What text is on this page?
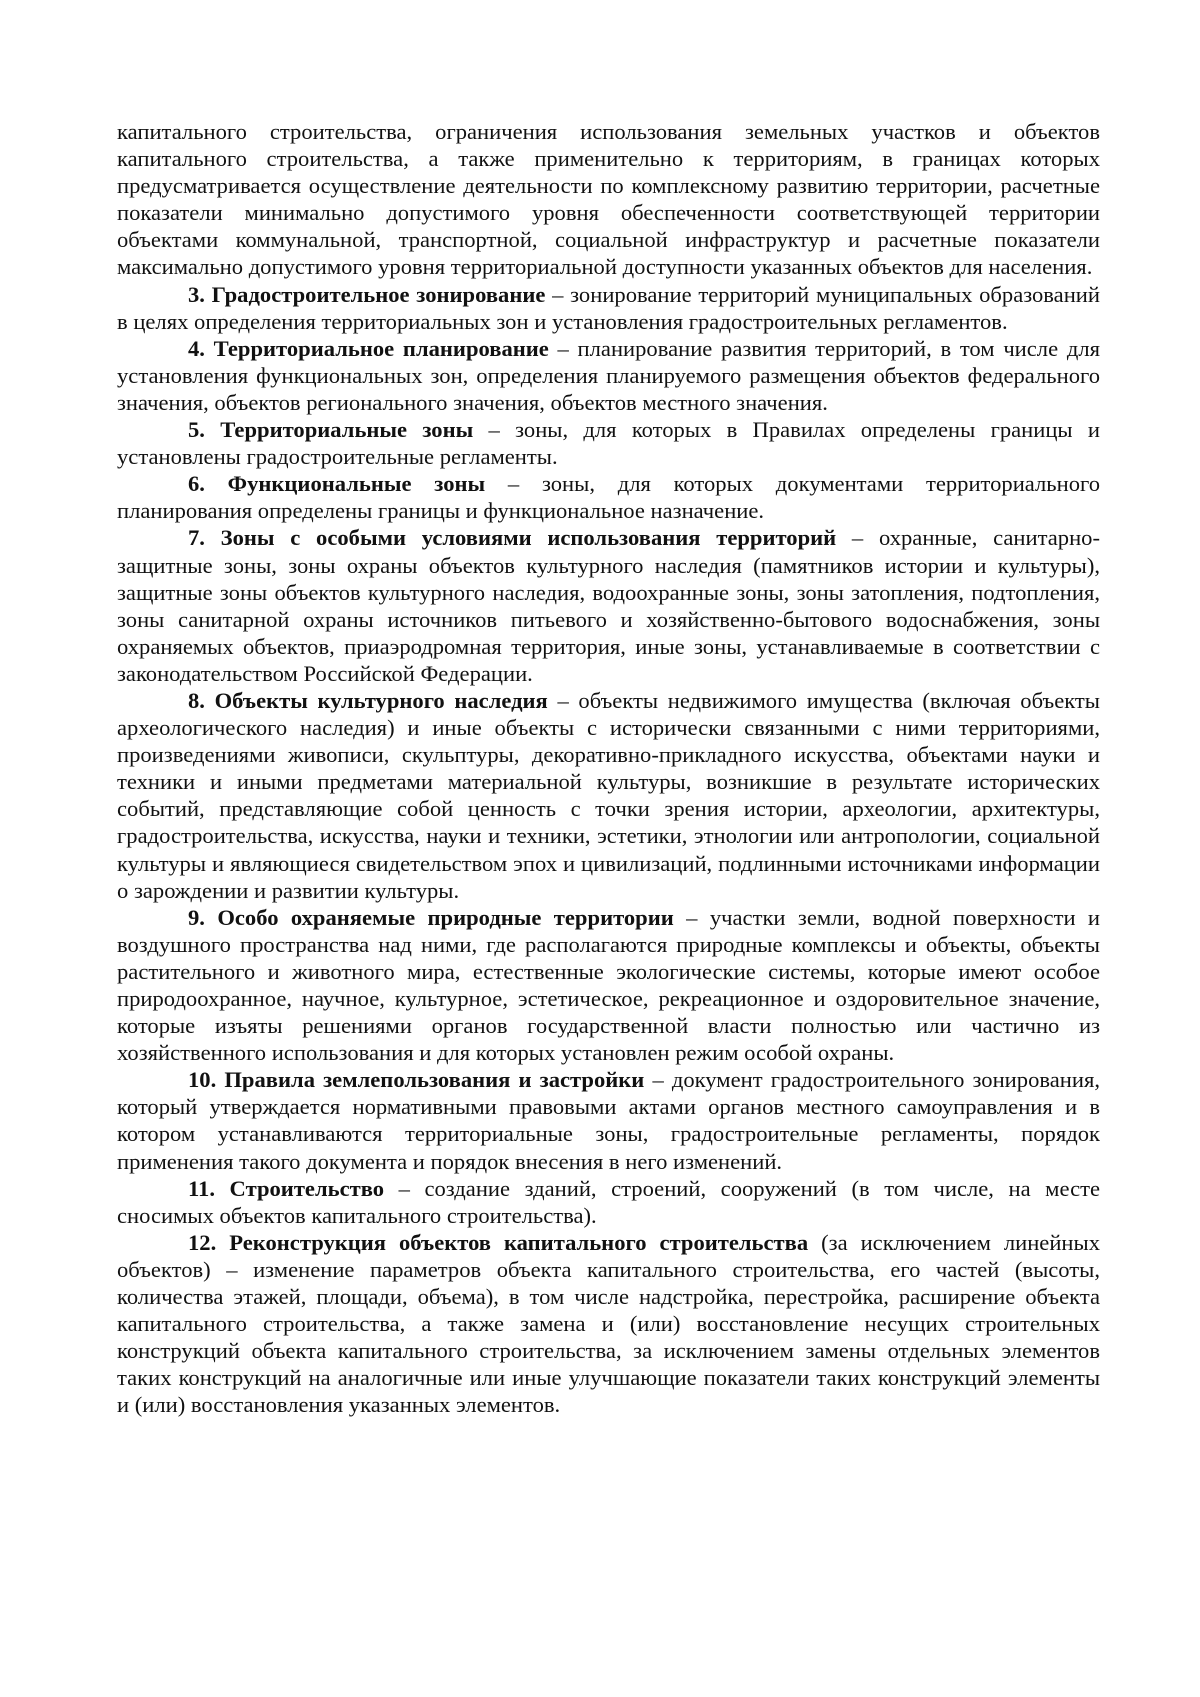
капитального строительства, ограничения использования земельных участков и объектов капитального строительства, а также применительно к территориям, в границах которых предусматривается осуществление деятельности по комплексному развитию территории, расчетные показатели минимально допустимого уровня обеспеченности соответствующей территории объектами коммунальной, транспортной, социальной инфраструктур и расчетные показатели максимально допустимого уровня территориальной доступности указанных объектов для населения.

3. Градостроительное зонирование – зонирование территорий муниципальных образований в целях определения территориальных зон и установления градостроительных регламентов.

4. Территориальное планирование – планирование развития территорий, в том числе для установления функциональных зон, определения планируемого размещения объектов федерального значения, объектов регионального значения, объектов местного значения.

5. Территориальные зоны – зоны, для которых в Правилах определены границы и установлены градостроительные регламенты.

6. Функциональные зоны – зоны, для которых документами территориального планирования определены границы и функциональное назначение.

7. Зоны с особыми условиями использования территорий – охранные, санитарно-защитные зоны, зоны охраны объектов культурного наследия (памятников истории и культуры), защитные зоны объектов культурного наследия, водоохранные зоны, зоны затопления, подтопления, зоны санитарной охраны источников питьевого и хозяйственно-бытового водоснабжения, зоны охраняемых объектов, приаэродромная территория, иные зоны, устанавливаемые в соответствии с законодательством Российской Федерации.

8. Объекты культурного наследия – объекты недвижимого имущества (включая объекты археологического наследия) и иные объекты с исторически связанными с ними территориями, произведениями живописи, скульптуры, декоративно-прикладного искусства, объектами науки и техники и иными предметами материальной культуры, возникшие в результате исторических событий, представляющие собой ценность с точки зрения истории, археологии, архитектуры, градостроительства, искусства, науки и техники, эстетики, этнологии или антропологии, социальной культуры и являющиеся свидетельством эпох и цивилизаций, подлинными источниками информации о зарождении и развитии культуры.

9. Особо охраняемые природные территории – участки земли, водной поверхности и воздушного пространства над ними, где располагаются природные комплексы и объекты, объекты растительного и животного мира, естественные экологические системы, которые имеют особое природоохранное, научное, культурное, эстетическое, рекреационное и оздоровительное значение, которые изъяты решениями органов государственной власти полностью или частично из хозяйственного использования и для которых установлен режим особой охраны.

10. Правила землепользования и застройки – документ градостроительного зонирования, который утверждается нормативными правовыми актами органов местного самоуправления и в котором устанавливаются территориальные зоны, градостроительные регламенты, порядок применения такого документа и порядок внесения в него изменений.

11. Строительство – создание зданий, строений, сооружений (в том числе, на месте сносимых объектов капитального строительства).

12. Реконструкция объектов капитального строительства (за исключением линейных объектов) – изменение параметров объекта капитального строительства, его частей (высоты, количества этажей, площади, объема), в том числе надстройка, перестройка, расширение объекта капитального строительства, а также замена и (или) восстановление несущих строительных конструкций объекта капитального строительства, за исключением замены отдельных элементов таких конструкций на аналогичные или иные улучшающие показатели таких конструкций элементы и (или) восстановления указанных элементов.
